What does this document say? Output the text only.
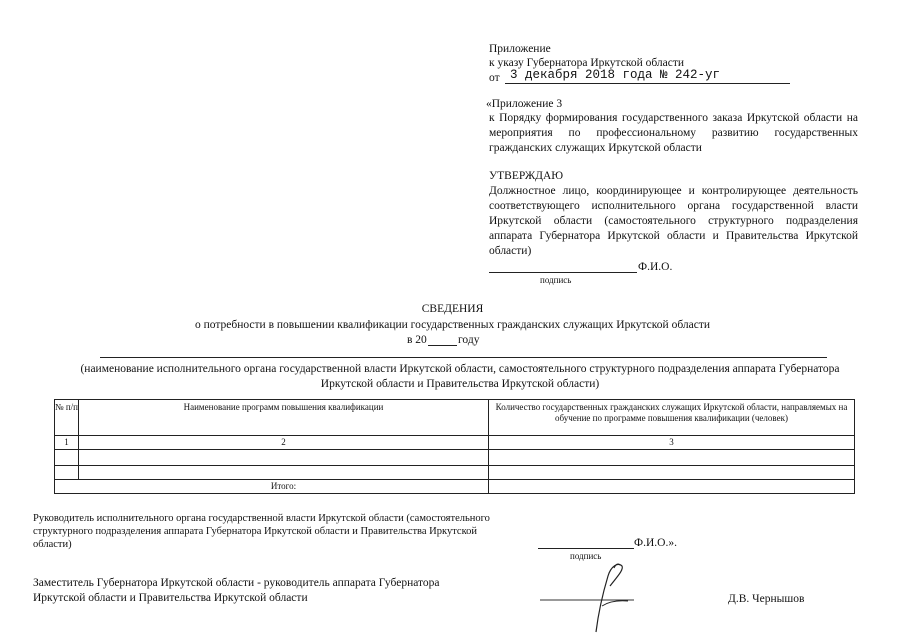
Приложение
к указу Губернатора Иркутской области
от 3 декабря 2018 года № 242-уг
«Приложение 3
к Порядку формирования государственного заказа Иркутской области на мероприятия по профессиональному развитию государственных гражданских служащих Иркутской области
УТВЕРЖДАЮ
Должностное лицо, координирующее и контролирующее деятельность соответствующего исполнительного органа государственной власти Иркутской области (самостоятельного структурного подразделения аппарата Губернатора Иркутской области и Правительства Иркутской области)
Ф.И.О.
подпись
СВЕДЕНИЯ
о потребности в повышении квалификации государственных гражданских служащих Иркутской области
в 20	году
(наименование исполнительного органа государственной власти Иркутской области, самостоятельного структурного подразделения аппарата Губернатора Иркутской области и Правительства Иркутской области)
№ п/п	Наименование программ повышения квалификации	Количество государственных гражданских служащих Иркутской области, направляемых на обучение по программе повышения квалификации (человек)
1	2	3
Итого:
Руководитель исполнительного органа государственной власти Иркутской области (самостоятельного структурного подразделения аппарата Губернатора Иркутской области и Правительства Иркутской области)	Ф.И.О.».
подпись
Заместитель Губернатора Иркутской области - руководитель аппарата Губернатора Иркутской области и Правительства Иркутской области	Д.В. Чернышов
